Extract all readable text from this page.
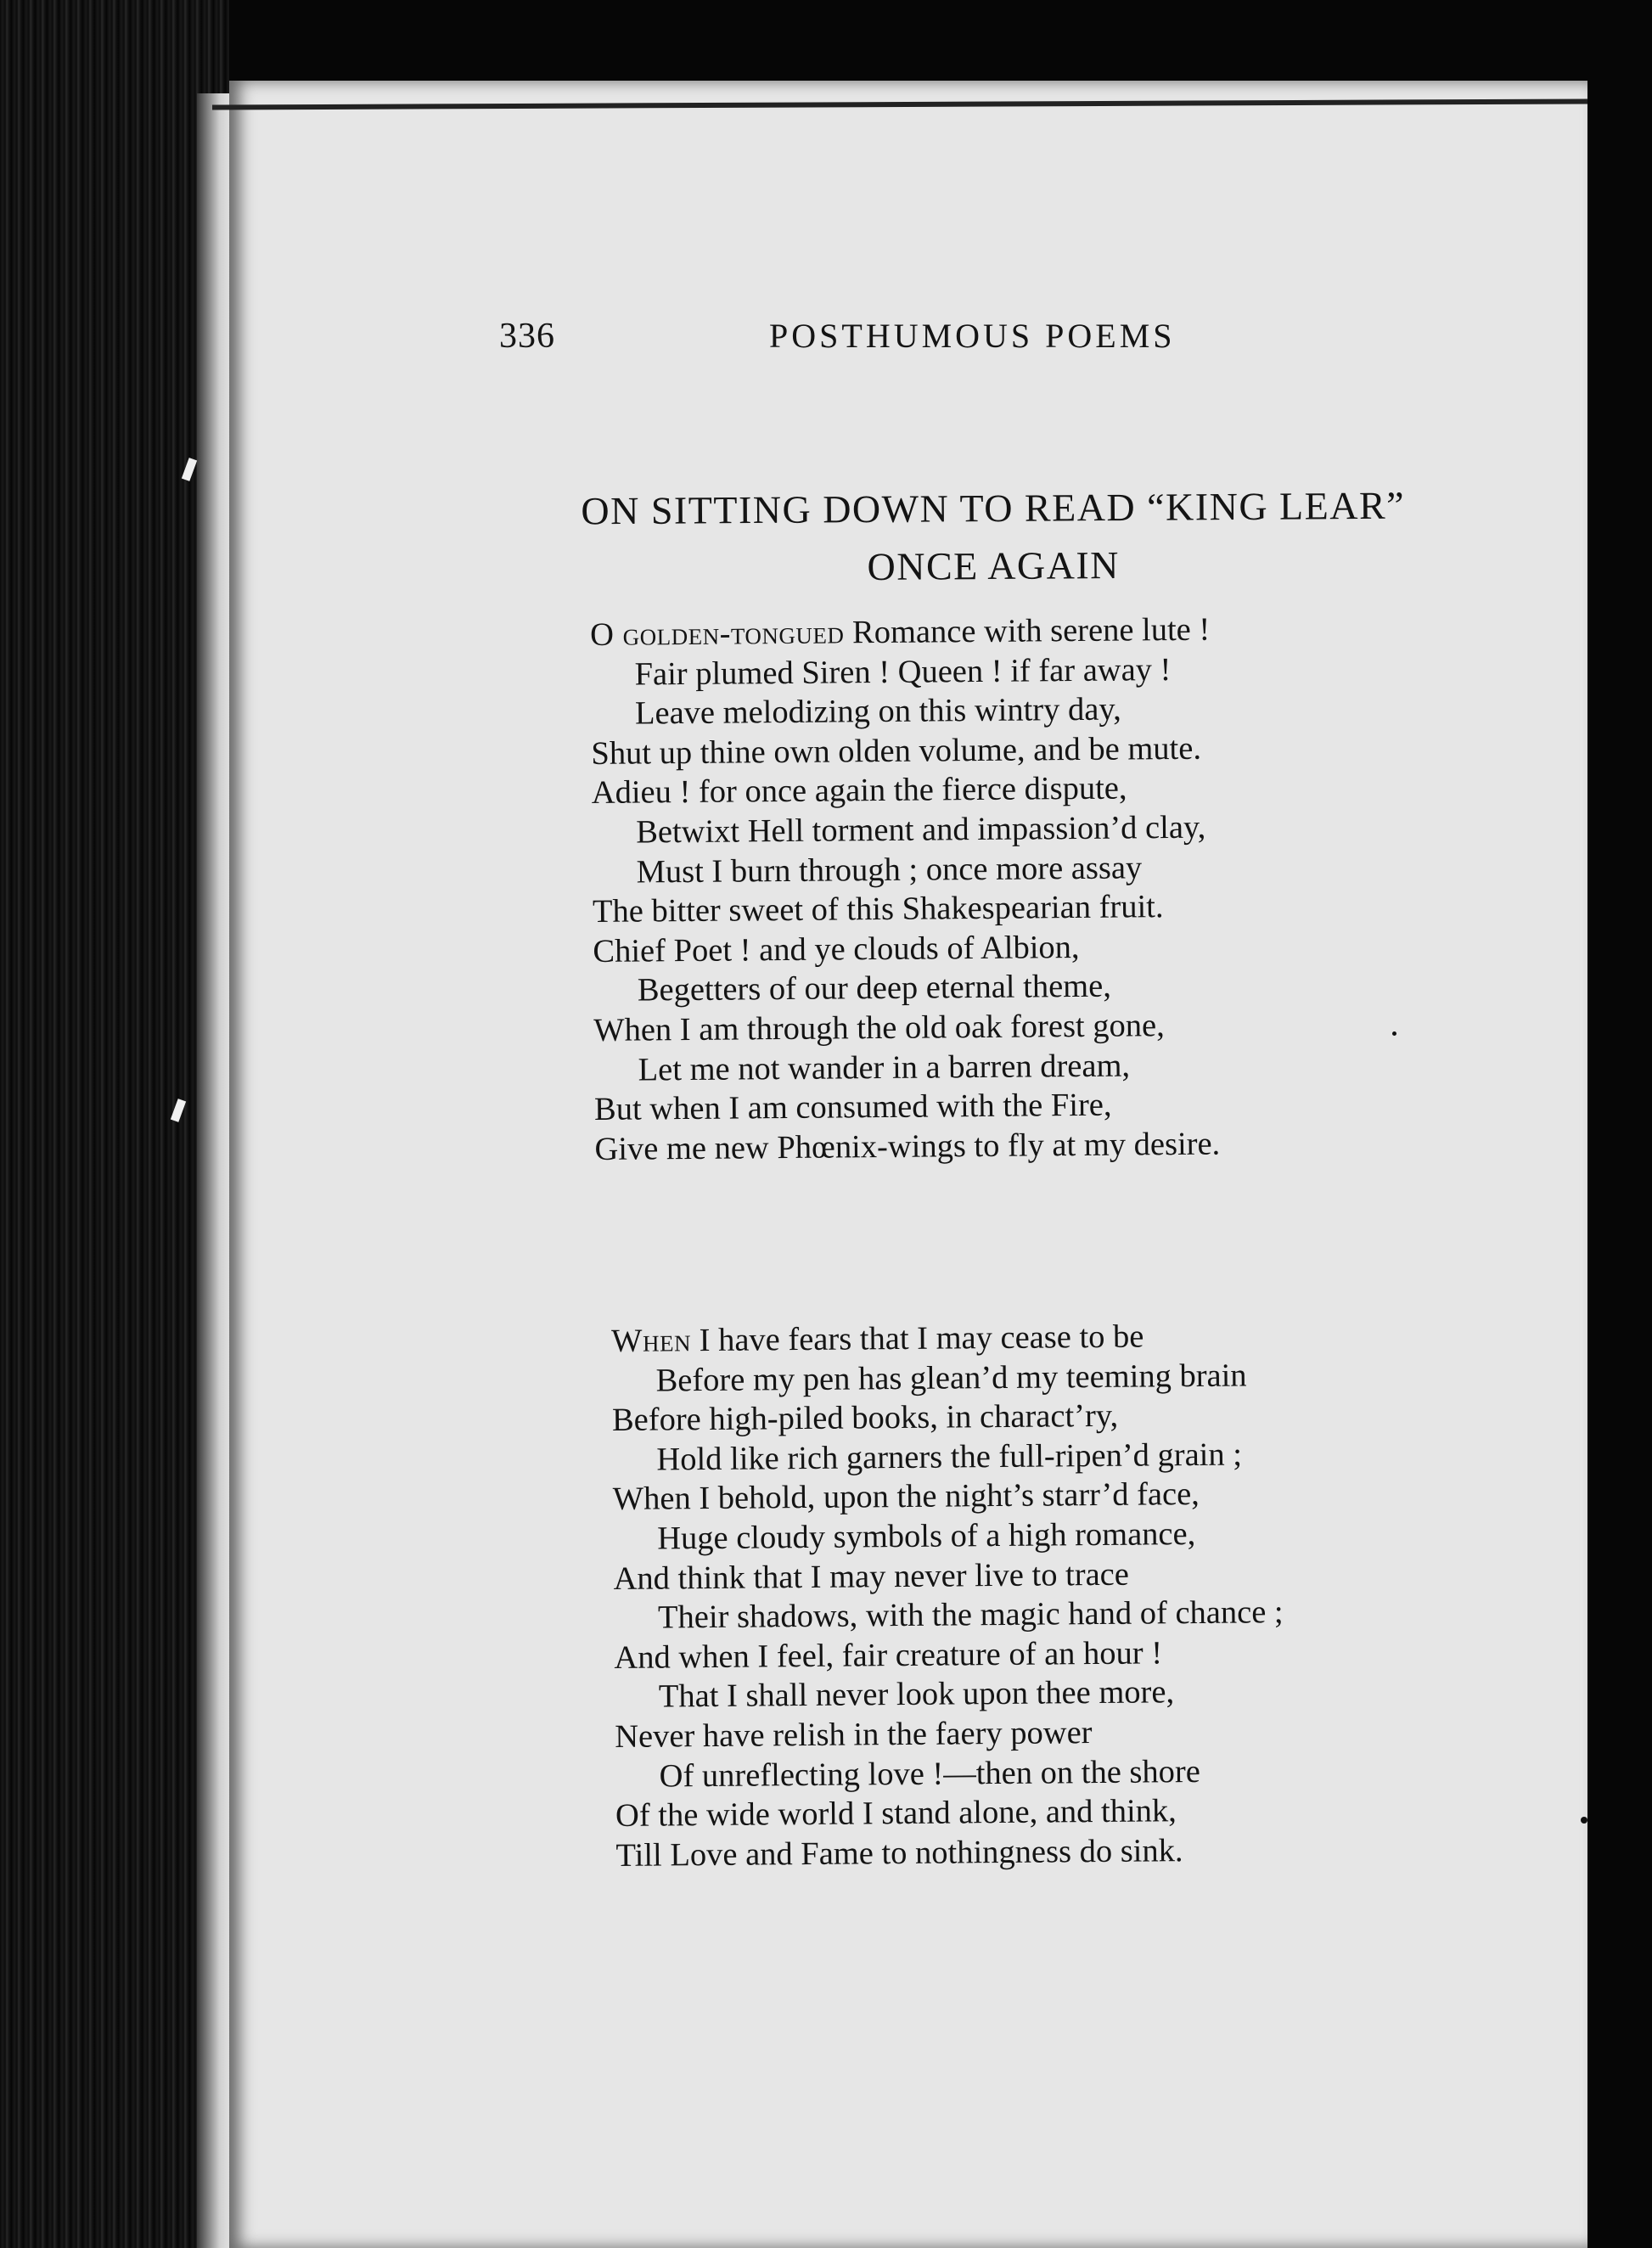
336	POSTHUMOUS POEMS
ON SITTING DOWN TO READ “KING LEAR”
ONCE AGAIN
O golden-tongued Romance with serene lute !
Fair plumed Siren ! Queen ! if far away !
Leave melodizing on this wintry day,
Shut up thine own olden volume, and be mute.
Adieu ! for once again the fierce dispute,
Betwixt Hell torment and impassion’d clay,
Must I burn through ; once more assay
The bitter sweet of this Shakespearian fruit.
Chief Poet ! and ye clouds of Albion,
Begetters of our deep eternal theme,
When I am through the old oak forest gone,
Let me not wander in a barren dream,
But when I am consumed with the Fire,
Give me new Phœnix-wings to fly at my desire.
When I have fears that I may cease to be
Before my pen has glean’d my teeming brain
Before high-piled books, in charact’ry,
Hold like rich garners the full-ripen’d grain ;
When I behold, upon the night’s starr’d face,
Huge cloudy symbols of a high romance,
And think that I may never live to trace
Their shadows, with the magic hand of chance ;
And when I feel, fair creature of an hour !
That I shall never look upon thee more,
Never have relish in the faery power
Of unreflecting love !—then on the shore
Of the wide world I stand alone, and think,
Till Love and Fame to nothingness do sink.
